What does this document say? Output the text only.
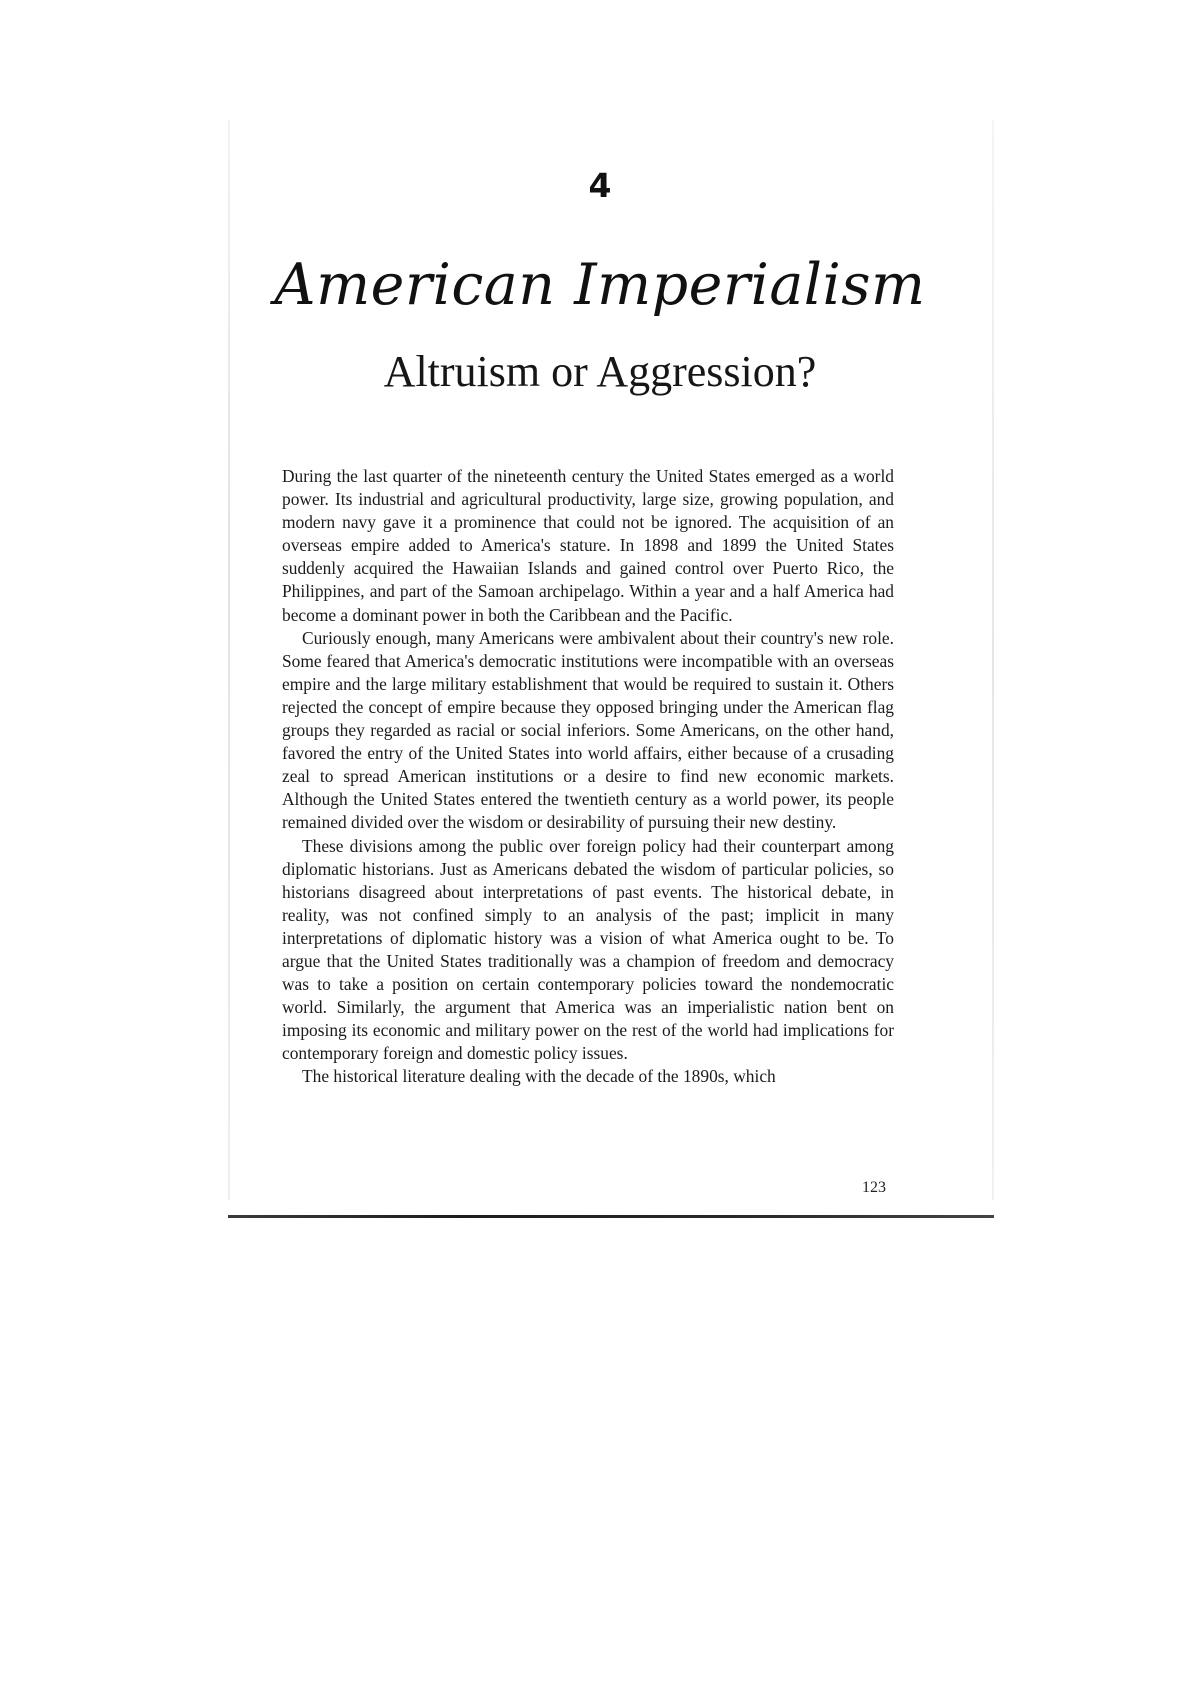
4
American Imperialism
Altruism or Aggression?

During the last quarter of the nineteenth century the United States emerged as a world power. Its industrial and agricultural productivity, large size, growing population, and modern navy gave it a prominence that could not be ignored. The acquisition of an overseas empire added to America's stature. In 1898 and 1899 the United States suddenly acquired the Hawaiian Islands and gained control over Puerto Rico, the Philippines, and part of the Samoan archipelago. Within a year and a half America had become a dominant power in both the Caribbean and the Pacific.

Curiously enough, many Americans were ambivalent about their country's new role. Some feared that America's democratic institutions were incompatible with an overseas empire and the large military establishment that would be required to sustain it. Others rejected the concept of empire because they opposed bringing under the American flag groups they regarded as racial or social inferiors. Some Americans, on the other hand, favored the entry of the United States into world affairs, either because of a crusading zeal to spread American institutions or a desire to find new economic markets. Although the United States entered the twentieth century as a world power, its people remained divided over the wisdom or desirability of pursuing their new destiny.

These divisions among the public over foreign policy had their counterpart among diplomatic historians. Just as Americans debated the wisdom of particular policies, so historians disagreed about interpretations of past events. The historical debate, in reality, was not confined simply to an analysis of the past; implicit in many interpretations of diplomatic history was a vision of what America ought to be. To argue that the United States traditionally was a champion of freedom and democracy was to take a position on certain contemporary policies toward the nondemocratic world. Similarly, the argument that America was an imperialistic nation bent on imposing its economic and military power on the rest of the world had implications for contemporary foreign and domestic policy issues.

The historical literature dealing with the decade of the 1890s, which

123
